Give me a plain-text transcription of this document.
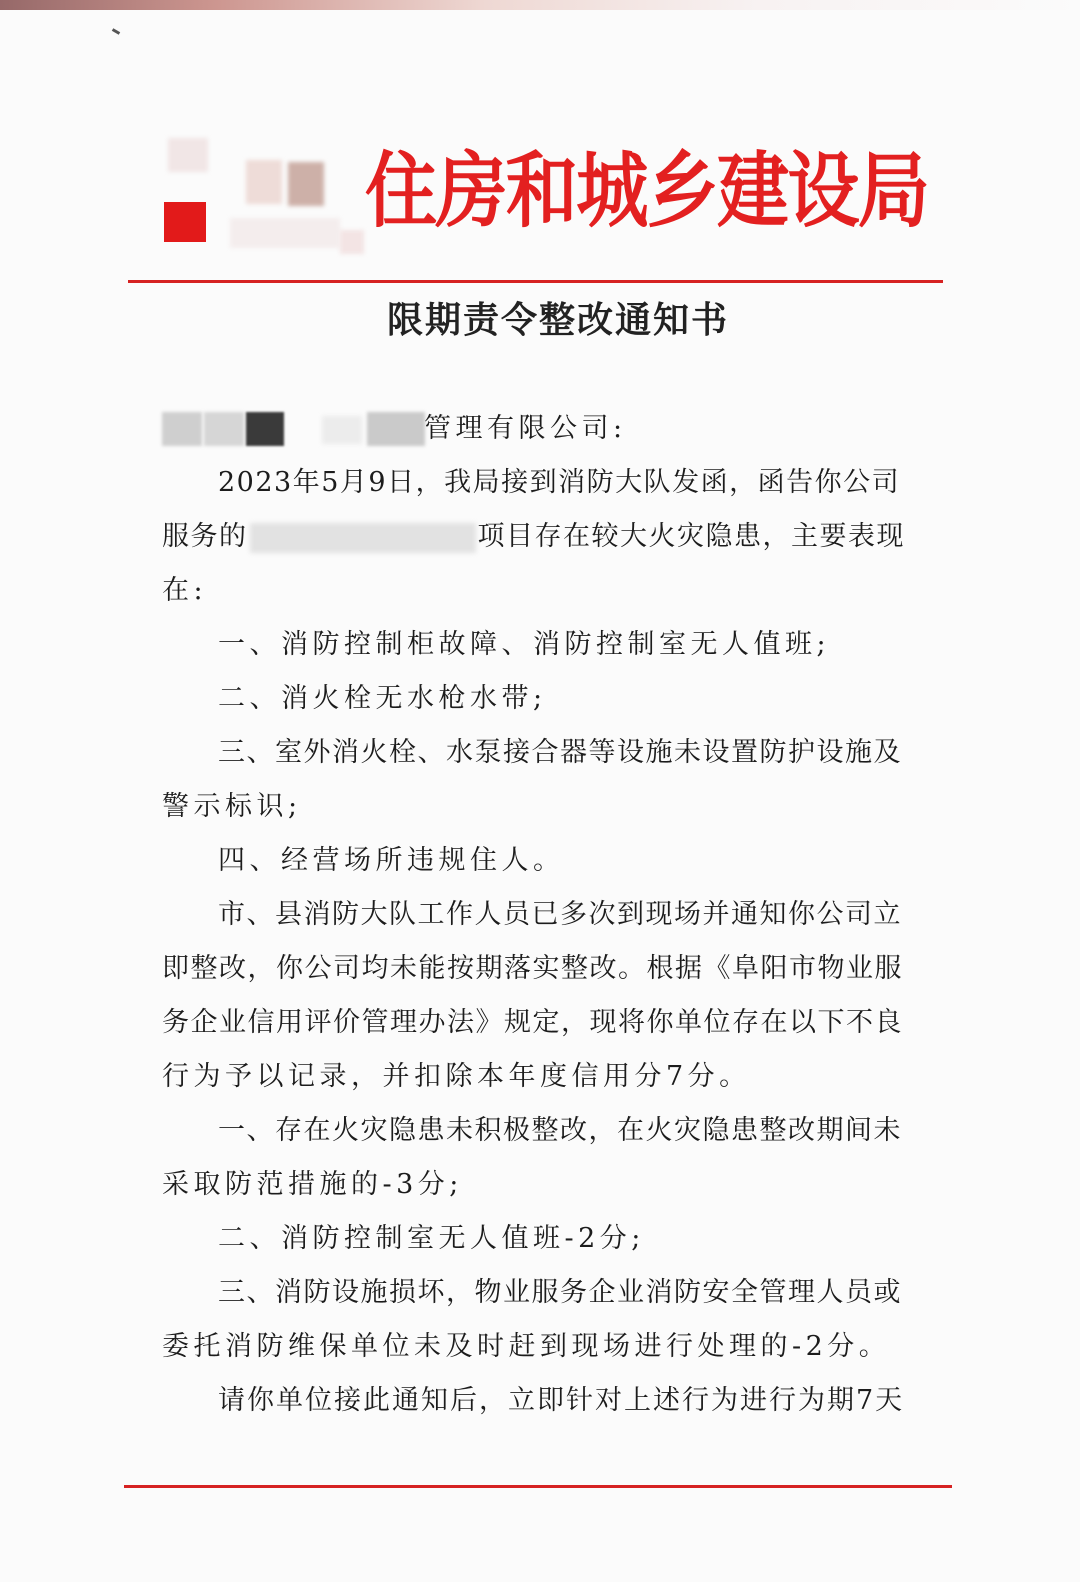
住房和城乡建设局
限期责令整改通知书
管理有限公司:
2023年5月9日，我局接到消防大队发函，函告你公司
服务的	项目存在较大火灾隐患，主要表现
在:
一、消防控制柜故障、消防控制室无人值班;
二、消火栓无水枪水带;
三、室外消火栓、水泵接合器等设施未设置防护设施及
警示标识;
四、经营场所违规住人。
市、县消防大队工作人员已多次到现场并通知你公司立
即整改，你公司均未能按期落实整改。根据《阜阳市物业服
务企业信用评价管理办法》规定，现将你单位存在以下不良
行为予以记录，并扣除本年度信用分7分。
一、存在火灾隐患未积极整改，在火灾隐患整改期间未
采取防范措施的-3分;
二、消防控制室无人值班-2分;
三、消防设施损坏，物业服务企业消防安全管理人员或
委托消防维保单位未及时赶到现场进行处理的-2分。
请你单位接此通知后，立即针对上述行为进行为期7天
